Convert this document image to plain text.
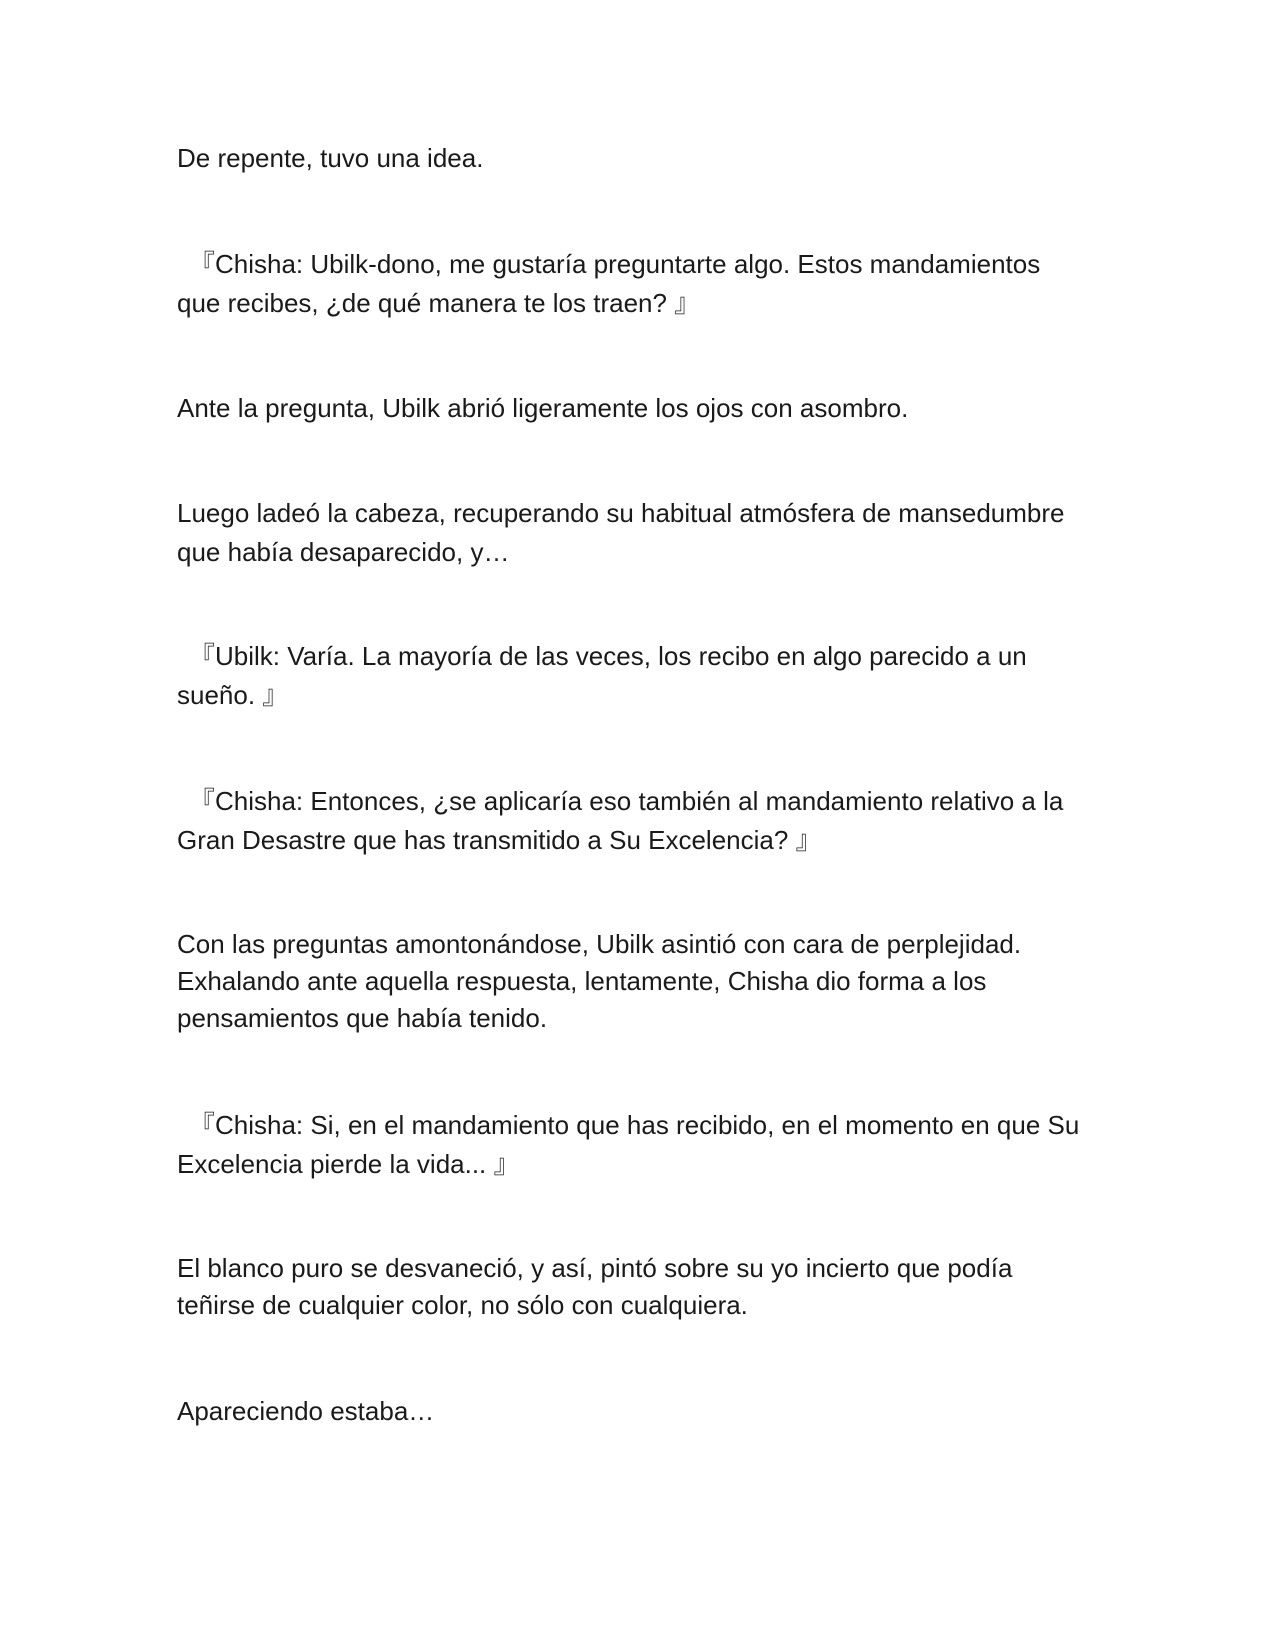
De repente, tuvo una idea.

『Chisha: Ubilk-dono, me gustaría preguntarte algo. Estos mandamientos
que recibes, ¿de qué manera te los traen? 』

Ante la pregunta, Ubilk abrió ligeramente los ojos con asombro.

Luego ladeó la cabeza, recuperando su habitual atmósfera de mansedumbre
que había desaparecido, y…

『Ubilk: Varía. La mayoría de las veces, los recibo en algo parecido a un
sueño. 』

『Chisha: Entonces, ¿se aplicaría eso también al mandamiento relativo a la
Gran Desastre que has transmitido a Su Excelencia? 』

Con las preguntas amontonándose, Ubilk asintió con cara de perplejidad.
Exhalando ante aquella respuesta, lentamente, Chisha dio forma a los
pensamientos que había tenido.

『Chisha: Si, en el mandamiento que has recibido, en el momento en que Su
Excelencia pierde la vida... 』

El blanco puro se desvaneció, y así, pintó sobre su yo incierto que podía
teñirse de cualquier color, no sólo con cualquiera.

Apareciendo estaba…
